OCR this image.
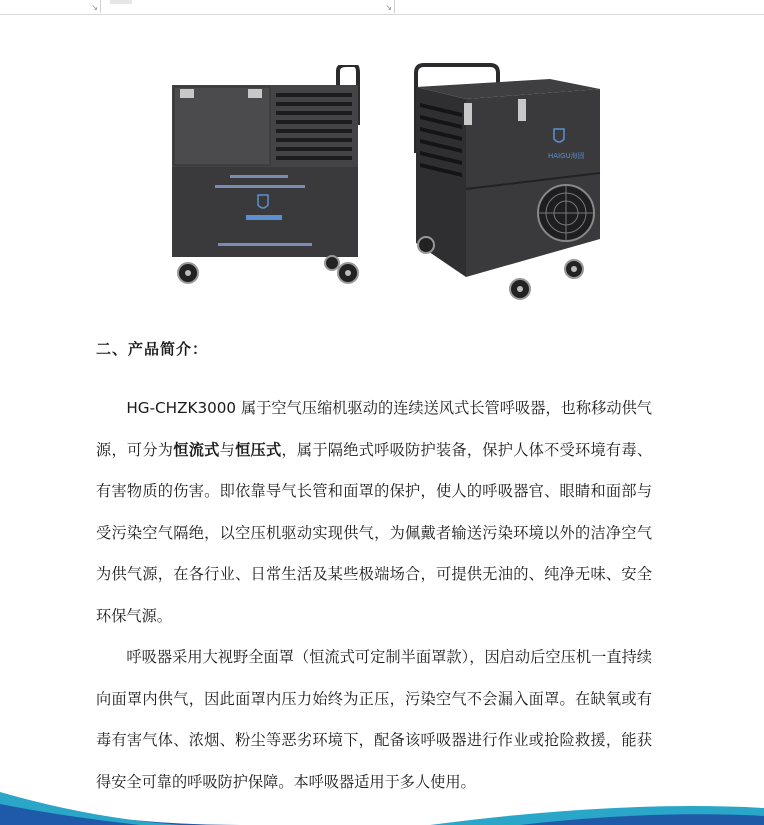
↘	↘
HAIGU海固
二、产品简介：

HG-CHZK3000 属于空气压缩机驱动的连续送风式长管呼吸器，也称移动供气源，可分为恒流式与恒压式，属于隔绝式呼吸防护装备，保护人体不受环境有毒、有害物质的伤害。即依靠导气长管和面罩的保护，使人的呼吸器官、眼睛和面部与受污染空气隔绝，以空压机驱动实现供气，为佩戴者输送污染环境以外的洁净空气为供气源，在各行业、日常生活及某些极端场合，可提供无油的、纯净无味、安全环保气源。

呼吸器采用大视野全面罩（恒流式可定制半面罩款），因启动后空压机一直持续向面罩内供气，因此面罩内压力始终为正压，污染空气不会漏入面罩。在缺氧或有毒有害气体、浓烟、粉尘等恶劣环境下，配备该呼吸器进行作业或抢险救援，能获得安全可靠的呼吸防护保障。本呼吸器适用于多人使用。
